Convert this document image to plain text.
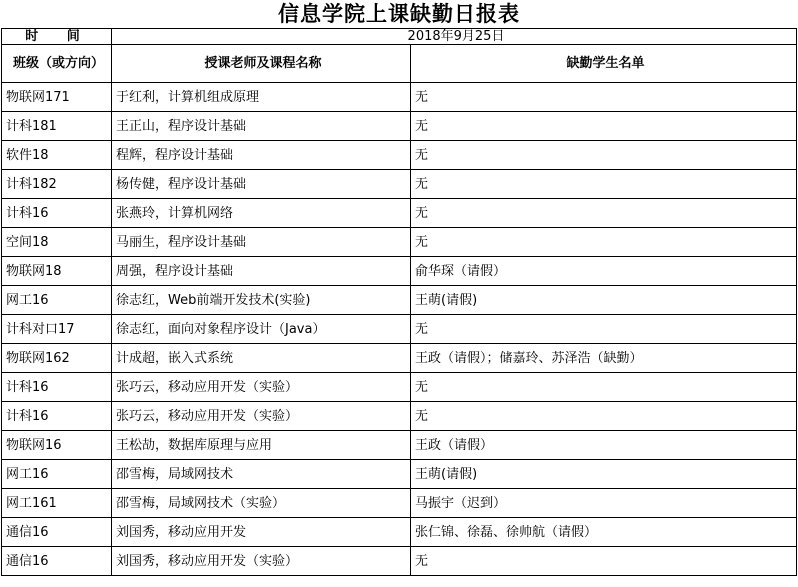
信息学院上课缺勤日报表
时 间	2018年9月25日	
班级（或方向）	授课老师及课程名称	缺勤学生名单
物联网171	于红利，计算机组成原理	无
计科181	王正山，程序设计基础	无
软件18	程辉，程序设计基础	无
计科182	杨传健，程序设计基础	无
计科16	张燕玲，计算机网络	无
空间18	马丽生，程序设计基础	无
物联网18	周强，程序设计基础	俞华琛（请假）
网工16	徐志红，Web前端开发技术(实验)	王萌(请假)
计科对口17	徐志红，面向对象程序设计（Java）	无
物联网162	计成超，嵌入式系统	王政（请假）；储嘉玲、苏泽浩（缺勤）
计科16	张巧云，移动应用开发（实验）	无
计科16	张巧云，移动应用开发（实验）	无
物联网16	王松劼，数据库原理与应用	王政（请假）
网工16	邵雪梅，局域网技术	王萌(请假)
网工161	邵雪梅，局域网技术（实验）	马振宇（迟到）
通信16	刘国秀，移动应用开发	张仁锦、徐磊、徐帅航（请假）
通信16	刘国秀，移动应用开发（实验）	无
